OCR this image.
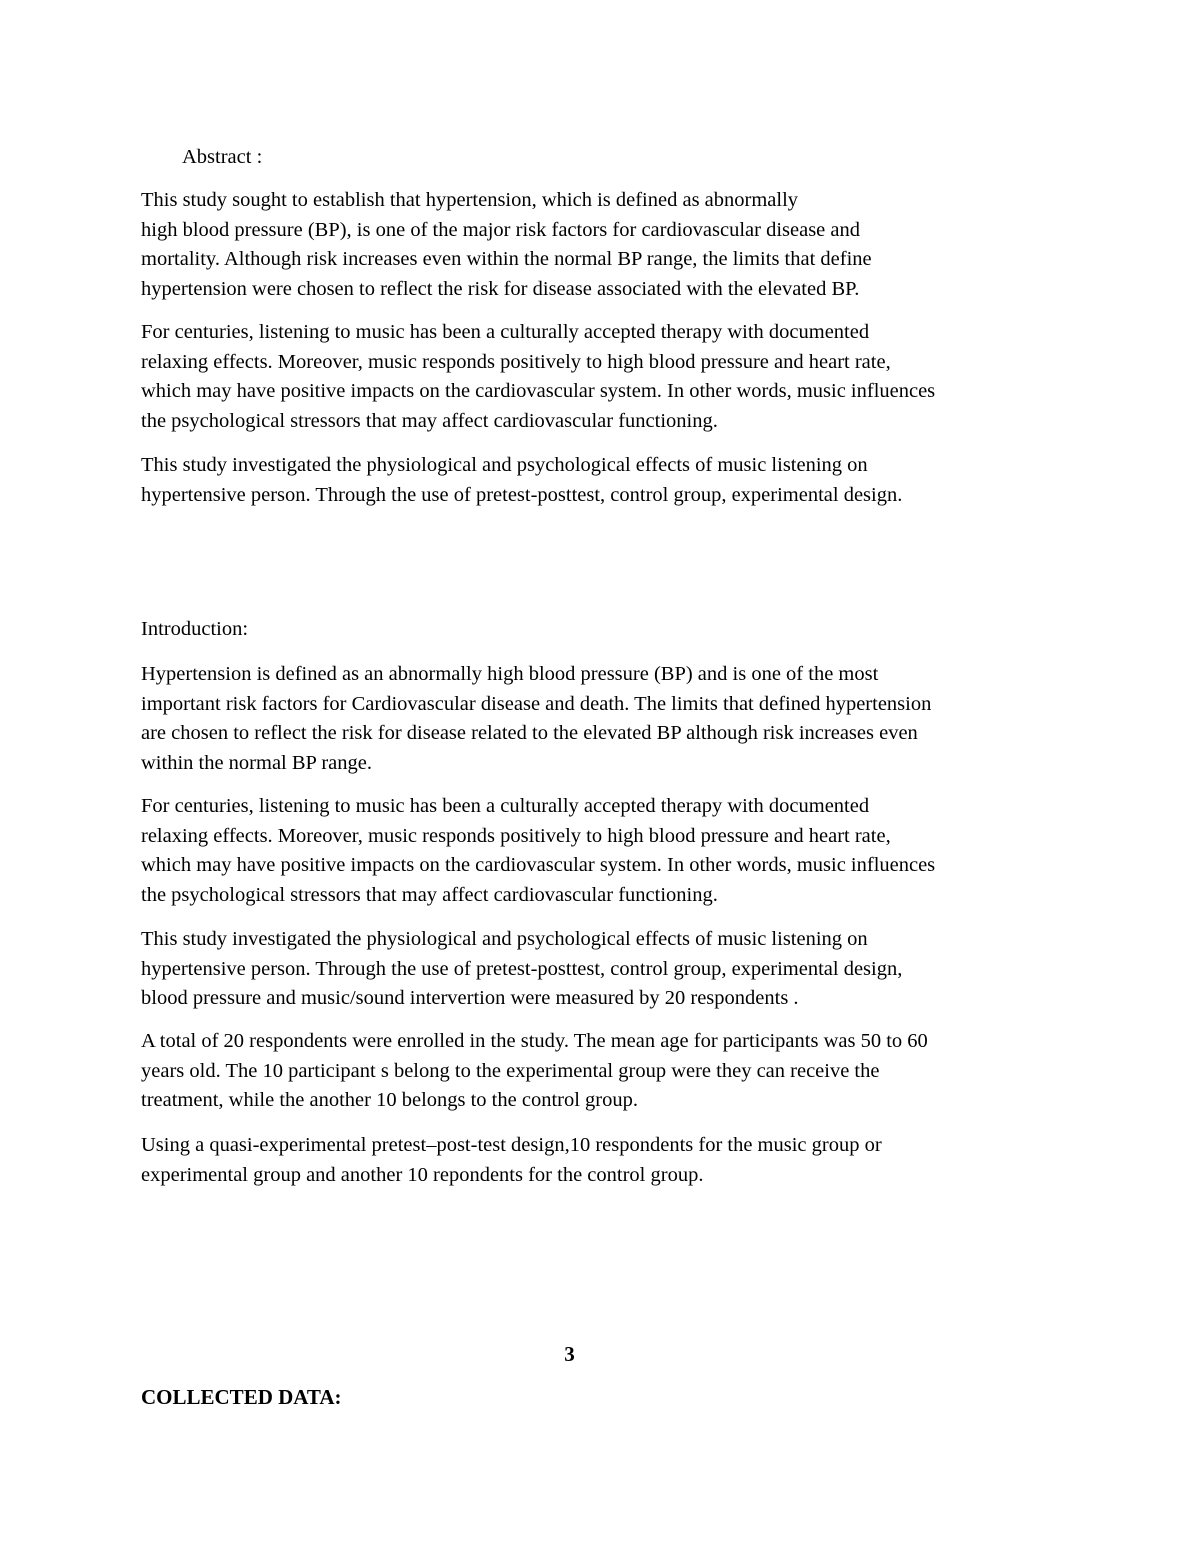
Abstract :
This study sought to establish that hypertension, which is defined as abnormally
high blood pressure (BP), is one of the major risk factors for cardiovascular disease and
mortality. Although risk increases even within the normal BP range, the limits that define
hypertension were chosen to reflect the risk for disease associated with the elevated BP.
For centuries, listening to music has been a culturally accepted therapy with documented
relaxing effects. Moreover, music responds positively to high blood pressure and heart rate,
which may have positive impacts on the cardiovascular system. In other words, music influences
the psychological stressors that may affect cardiovascular functioning.
This study investigated the physiological and psychological effects of music listening on
hypertensive person. Through the use of pretest-posttest, control group, experimental design.
Introduction:
Hypertension is defined as an abnormally high blood pressure (BP) and is one of the most
important risk factors for Cardiovascular disease and death. The limits that defined hypertension
are chosen to reflect the risk for disease related to the elevated BP although risk increases even
within the normal BP range.
For centuries, listening to music has been a culturally accepted therapy with documented
relaxing effects. Moreover, music responds positively to high blood pressure and heart rate,
which may have positive impacts on the cardiovascular system. In other words, music influences
the psychological stressors that may affect cardiovascular functioning.
This study investigated the physiological and psychological effects of music listening on
hypertensive person. Through the use of pretest-posttest, control group, experimental design,
blood pressure and music/sound intervertion were measured by 20 respondents .
A total of 20 respondents were enrolled in the study. The mean age for participants was 50 to 60
years old. The 10 participant s belong to the experimental group were they can receive the
treatment, while the another 10 belongs to the control group.
Using a quasi-experimental pretest–post-test design,10 respondents for the music group or
experimental group and another 10 repondents for the control group.
3
COLLECTED DATA:
